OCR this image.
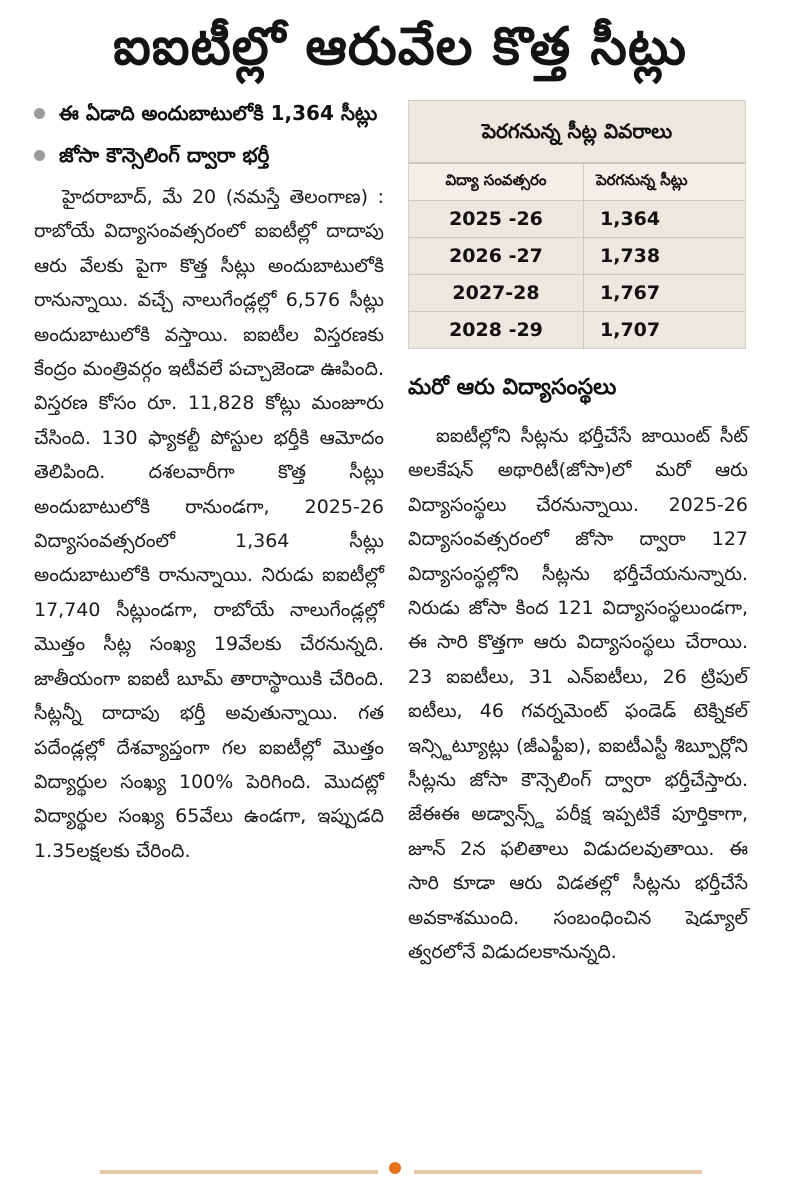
ఐఐటీల్లో ఆరువేల కొత్త సీట్లు
ఈ ఏడాది అందుబాటులోకి 1,364 సీట్లు
జోసా కౌన్సెలింగ్ ద్వారా భర్తీ

హైదరాబాద్, మే 20 (నమస్తే తెలంగాణ) : రాబోయే విద్యాసంవత్సరంలో ఐఐటీల్లో దాదాపు ఆరు వేలకు పైగా కొత్త సీట్లు అందుబాటులోకి రానున్నాయి. వచ్చే నాలుగేండ్లల్లో 6,576 సీట్లు అందుబాటులోకి వస్తాయి. ఐఐటీల విస్తరణకు కేంద్రం మంత్రివర్గం ఇటీవలే పచ్చాజెండా ఊపింది. విస్తరణ కోసం రూ. 11,828 కోట్లు మంజూరు చేసింది. 130 ఫ్యాకల్టీ పోస్టుల భర్తీకి ఆమోదం తెలిపింది. దశలవారీగా కొత్త సీట్లు అందుబాటులోకి రానుండగా, 2025-26 విద్యాసంవత్సరంలో 1,364 సీట్లు అందుబాటులోకి రానున్నాయి. నిరుడు ఐఐటీల్లో 17,740 సీట్లుండగా, రాబోయే నాలుగేండ్లల్లో మొత్తం సీట్ల సంఖ్య 19వేలకు చేరనున్నది. జాతీయంగా ఐఐటీ బూమ్ తారాస్థాయికి చేరింది. సీట్లన్నీ దాదాపు భర్తీ అవుతున్నాయి. గత పదేండ్లల్లో దేశవ్యాప్తంగా గల ఐఐటీల్లో మొత్తం విద్యార్థుల సంఖ్య 100% పెరిగింది. మొదట్లో విద్యార్థుల సంఖ్య 65వేలు ఉండగా, ఇప్పుడది 1.35లక్షలకు చేరింది.

పెరగనున్న సీట్ల వివరాలు
విద్యా సంవత్సరం	పెరగనున్న సీట్లు
2025 -26	1,364
2026 -27	1,738
2027-28	1,767
2028 -29	1,707
మరో ఆరు విద్యాసంస్థలు

ఐఐటీల్లోని సీట్లను భర్తీచేసే జాయింట్ సీట్ అలకేషన్ అథారిటీ(జోసా)లో మరో ఆరు విద్యాసంస్థలు చేరనున్నాయి. 2025-26 విద్యాసంవత్సరంలో జోసా ద్వారా 127 విద్యాసంస్థల్లోని సీట్లను భర్తీచేయనున్నారు. నిరుడు జోసా కింద 121 విద్యాసంస్థలుండగా, ఈ సారి కొత్తగా ఆరు విద్యాసంస్థలు చేరాయి. 23 ఐఐటీలు, 31 ఎన్ఐటీలు, 26 ట్రిపుల్ ఐటీలు, 46 గవర్నమెంట్ ఫండెడ్ టెక్నికల్ ఇన్స్టిట్యూట్లు (జీఎఫ్టీఐ), ఐఐటీఎస్టీ శిబ్పూర్లోని సీట్లను జోసా కౌన్సెలింగ్ ద్వారా భర్తీచేస్తారు. జేఈఈ అడ్వాన్స్డ్ పరీక్ష ఇప్పటికే పూర్తికాగా, జూన్ 2న ఫలితాలు విడుదలవుతాయి. ఈ సారి కూడా ఆరు విడతల్లో సీట్లను భర్తీచేసే అవకాశముంది. సంబంధించిన షెడ్యూల్ త్వరలోనే విడుదలకానున్నది.
